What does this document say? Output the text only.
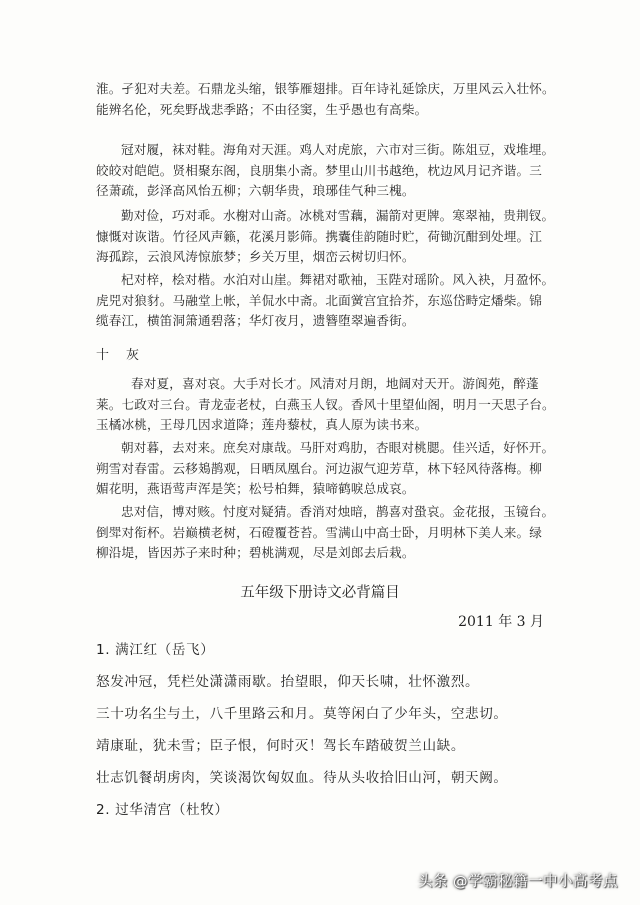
淮。孑犯对夫差。石鼎龙头缩，银筝雁翅排。百年诗礼延馀庆，万里风云入壮怀。
能辨名伦，死矣野战悲季路；不由径窦，生乎愚也有高柴。
冠对履，袜对鞋。海角对天涯。鸡人对虎旅，六市对三街。陈俎豆，戏堆埋。
皎皎对皑皑。贤相聚东阁，良朋集小斋。梦里山川书越绝，枕边风月记齐谐。三
径萧疏，彭泽高风怡五柳；六朝华贵，琅琊佳气种三槐。
勤对俭，巧对乖。水榭对山斋。冰桃对雪藕，漏箭对更牌。寒翠袖，贵荆钗。
慷慨对诙谐。竹径风声籁，花溪月影筛。携囊佳韵随时贮，荷锄沉酣到处埋。江
海孤踪，云浪风涛惊旅梦；乡关万里，烟峦云树切归怀。
杞对梓，桧对楷。水泊对山崖。舞裙对歌袖，玉陛对瑶阶。风入袂，月盈怀。
虎兕对狼豺。马融堂上帐，羊侃水中斋。北面黉宫宜拾芥，东巡岱畤定燔柴。锦
缆春江，横笛洞箫通碧落；华灯夜月，遗簪堕翠遍香街。
十　灰
春对夏，喜对哀。大手对长才。风清对月朗，地阔对天开。游阆苑，醉蓬
莱。七政对三台。青龙壶老杖，白燕玉人钗。香风十里望仙阁，明月一天思子台。
玉橘冰桃，王母几因求道降；莲舟藜杖，真人原为读书来。
朝对暮，去对来。庶矣对康哉。马肝对鸡肋，杏眼对桃腮。佳兴适，好怀开。
朔雪对春雷。云移鳷鹊观，日晒凤凰台。河边淑气迎芳草，林下轻风待落梅。柳
媚花明，燕语莺声浑是笑；松号柏舞，猿啼鹤唳总成哀。
忠对信，博对赅。忖度对疑猜。香消对烛暗，鹊喜对蛩哀。金花报，玉镜台。
倒斝对衔杯。岩巅横老树，石磴覆苍苔。雪满山中高士卧，月明林下美人来。绿
柳沿堤，皆因苏子来时种；碧桃满观，尽是刘郎去后栽。
五年级下册诗文必背篇目
2011 年 3 月
1. 满江红（岳飞）
怒发冲冠，凭栏处潇潇雨歇。抬望眼，仰天长啸，壮怀激烈。
三十功名尘与土，八千里路云和月。莫等闲白了少年头，空悲切。
靖康耻，犹未雪；臣子恨，何时灭！驾长车踏破贺兰山缺。
壮志饥餐胡虏肉，笑谈渴饮匈奴血。待从头收拾旧山河，朝天阙。
2. 过华清宫（杜牧）
头条 @学霸秘籍一中小高考点
